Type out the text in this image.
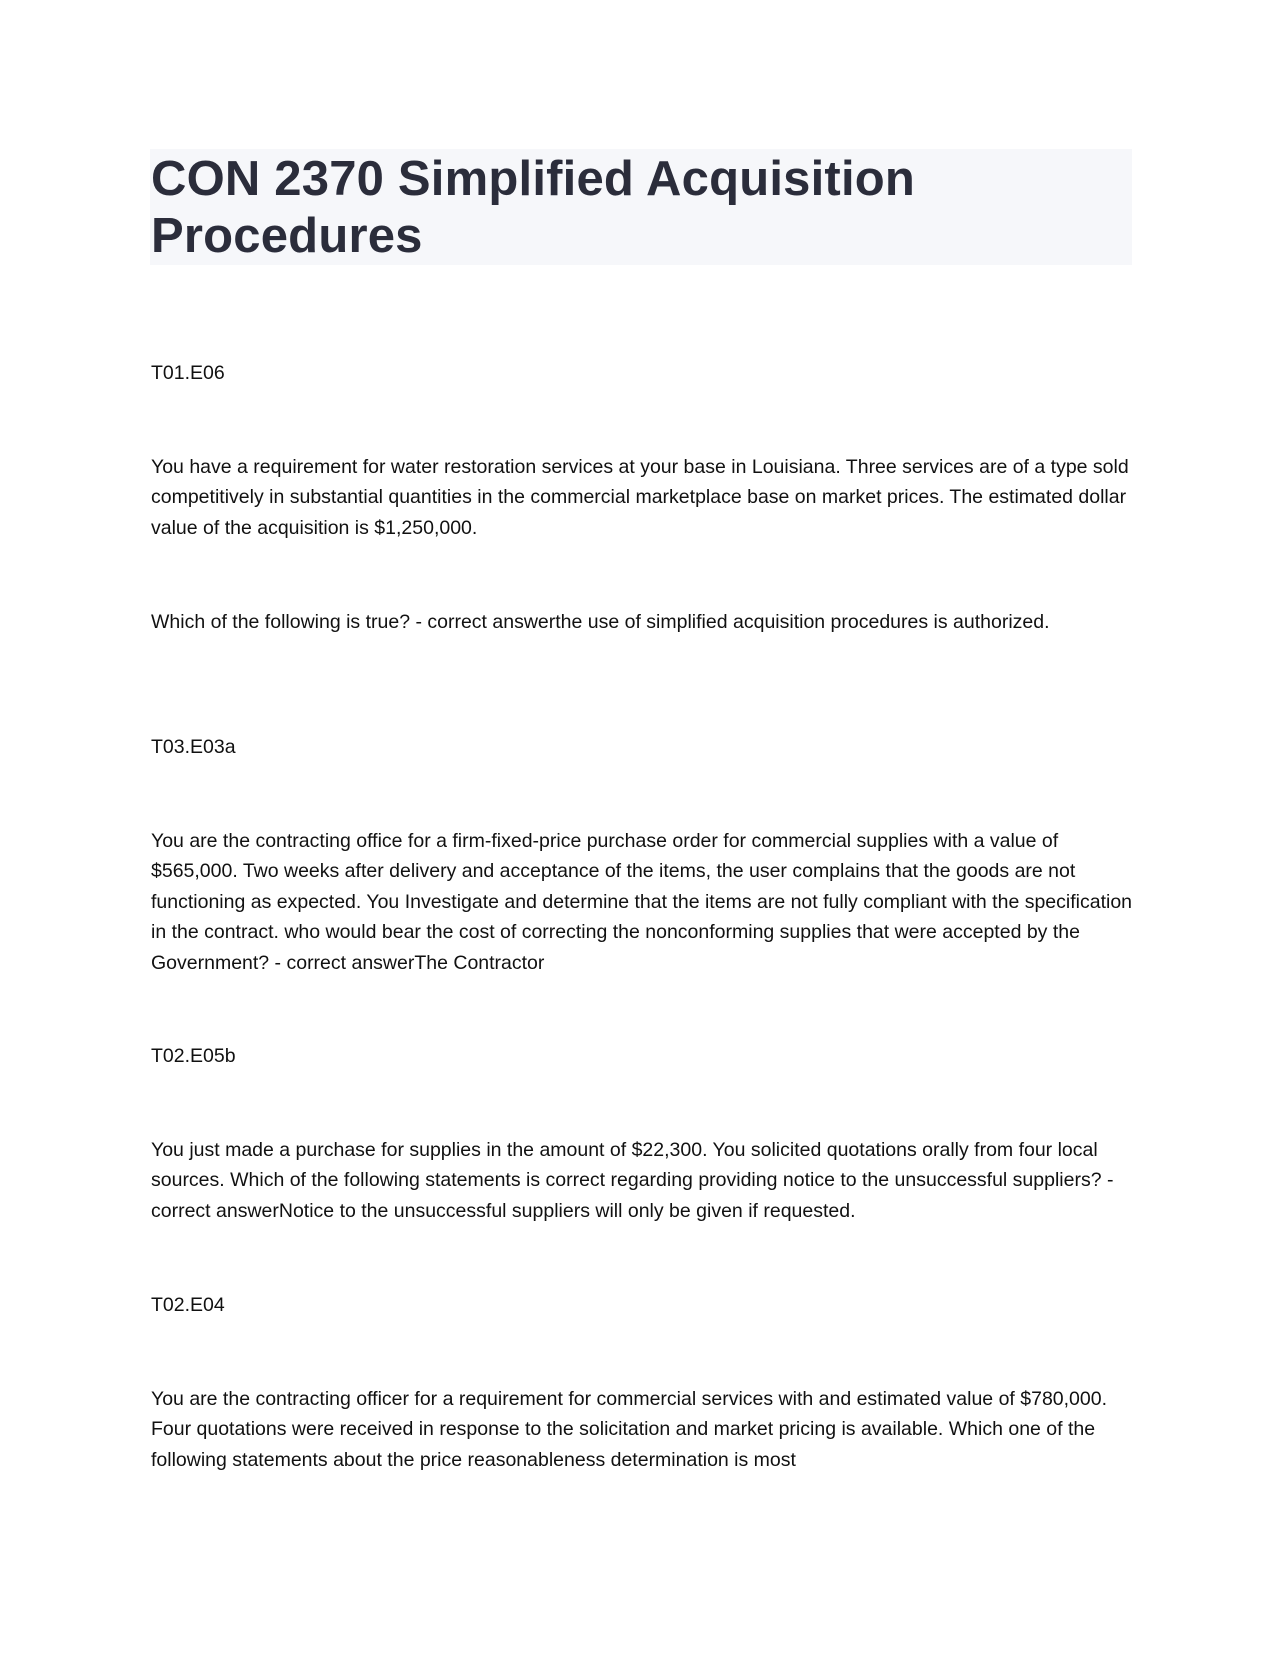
CON 2370 Simplified Acquisition Procedures

T01.E06

You have a requirement for water restoration services at your base in Louisiana. Three services are of a type sold competitively in substantial quantities in the commercial marketplace base on market prices. The estimated dollar value of the acquisition is $1,250,000.

Which of the following is true? - correct answerthe use of simplified acquisition procedures is authorized.

T03.E03a

You are the contracting office for a firm-fixed-price purchase order for commercial supplies with a value of $565,000. Two weeks after delivery and acceptance of the items, the user complains that the goods are not functioning as expected. You Investigate and determine that the items are not fully compliant with the specification in the contract. who would bear the cost of correcting the nonconforming supplies that were accepted by the Government? - correct answerThe Contractor

T02.E05b

You just made a purchase for supplies in the amount of $22,300. You solicited quotations orally from four local sources. Which of the following statements is correct regarding providing notice to the unsuccessful suppliers? - correct answerNotice to the unsuccessful suppliers will only be given if requested.

T02.E04

You are the contracting officer for a requirement for commercial services with and estimated value of $780,000. Four quotations were received in response to the solicitation and market pricing is available. Which one of the following statements about the price reasonableness determination is most
